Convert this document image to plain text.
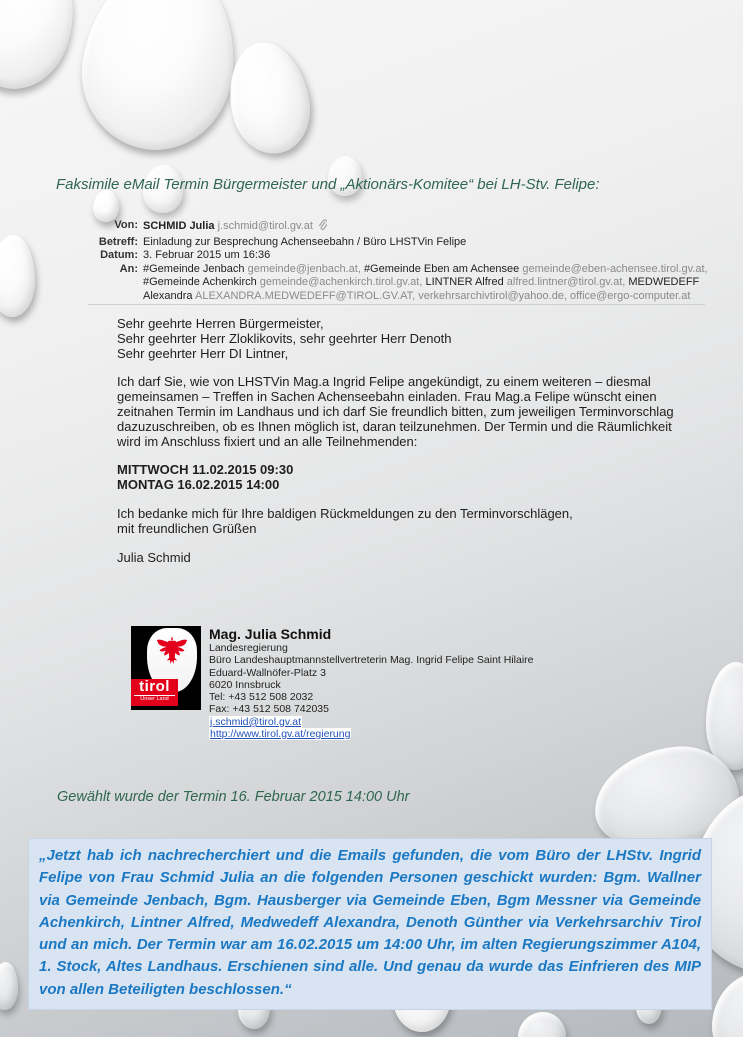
Faksimile eMail Termin Bürgermeister und „Aktionärs-Komitee“ bei LH-Stv. Felipe:
Von: SCHMID Julia j.schmid@tirol.gv.at
Betreff: Einladung zur Besprechung Achenseebahn / Büro LHSTVin Felipe
Datum: 3. Februar 2015 um 16:36
An: #Gemeinde Jenbach gemeinde@jenbach.at, #Gemeinde Eben am Achensee gemeinde@eben-achensee.tirol.gv.at, #Gemeinde Achenkirch gemeinde@achenkirch.tirol.gv.at, LINTNER Alfred alfred.lintner@tirol.gv.at, MEDWEDEFF Alexandra ALEXANDRA.MEDWEDEFF@TIROL.GV.AT, verkehrsarchivtirol@yahoo.de, office@ergo-computer.at
Sehr geehrte Herren Bürgermeister,
Sehr geehrter Herr Zloklikovits, sehr geehrter Herr Denoth
Sehr geehrter Herr DI Lintner,
Ich darf Sie, wie von LHSTVin Mag.a Ingrid Felipe angekündigt, zu einem weiteren – diesmal gemeinsamen – Treffen in Sachen Achenseebahn einladen. Frau Mag.a Felipe wünscht einen zeitnahen Termin im Landhaus und ich darf Sie freundlich bitten, zum jeweiligen Terminvorschlag dazuzuschreiben, ob es Ihnen möglich ist, daran teilzunehmen. Der Termin und die Räumlichkeit wird im Anschluss fixiert und an alle Teilnehmenden:
MITTWOCH 11.02.2015 09:30
MONTAG 16.02.2015 14:00
Ich bedanke mich für Ihre baldigen Rückmeldungen zu den Terminvorschlägen,
mit freundlichen Grüßen
Julia Schmid
tirol
Unser Land
Mag. Julia Schmid
Landesregierung
Büro Landeshauptmannstellvertreterin Mag. Ingrid Felipe Saint Hilaire
Eduard-Wallnöfer-Platz 3
6020 Innsbruck
Tel: +43 512 508 2032
Fax: +43 512 508 742035
j.schmid@tirol.gv.at
http://www.tirol.gv.at/regierung
Gewählt wurde der Termin 16. Februar 2015 14:00 Uhr
„Jetzt hab ich nachrecherchiert und die Emails gefunden, die vom Büro der LHStv. Ingrid Felipe von Frau Schmid Julia an die folgenden Personen geschickt wurden: Bgm. Wallner via Gemeinde Jenbach, Bgm. Hausberger via Gemeinde Eben, Bgm Messner via Gemeinde Achenkirch, Lintner Alfred, Medwedeff Alexandra, Denoth Günther via Verkehrsarchiv Tirol und an mich. Der Termin war am 16.02.2015 um 14:00 Uhr, im alten Regierungszimmer A104, 1. Stock, Altes Landhaus. Erschienen sind alle. Und genau da wurde das Einfrieren des MIP von allen Beteiligten beschlossen.“
